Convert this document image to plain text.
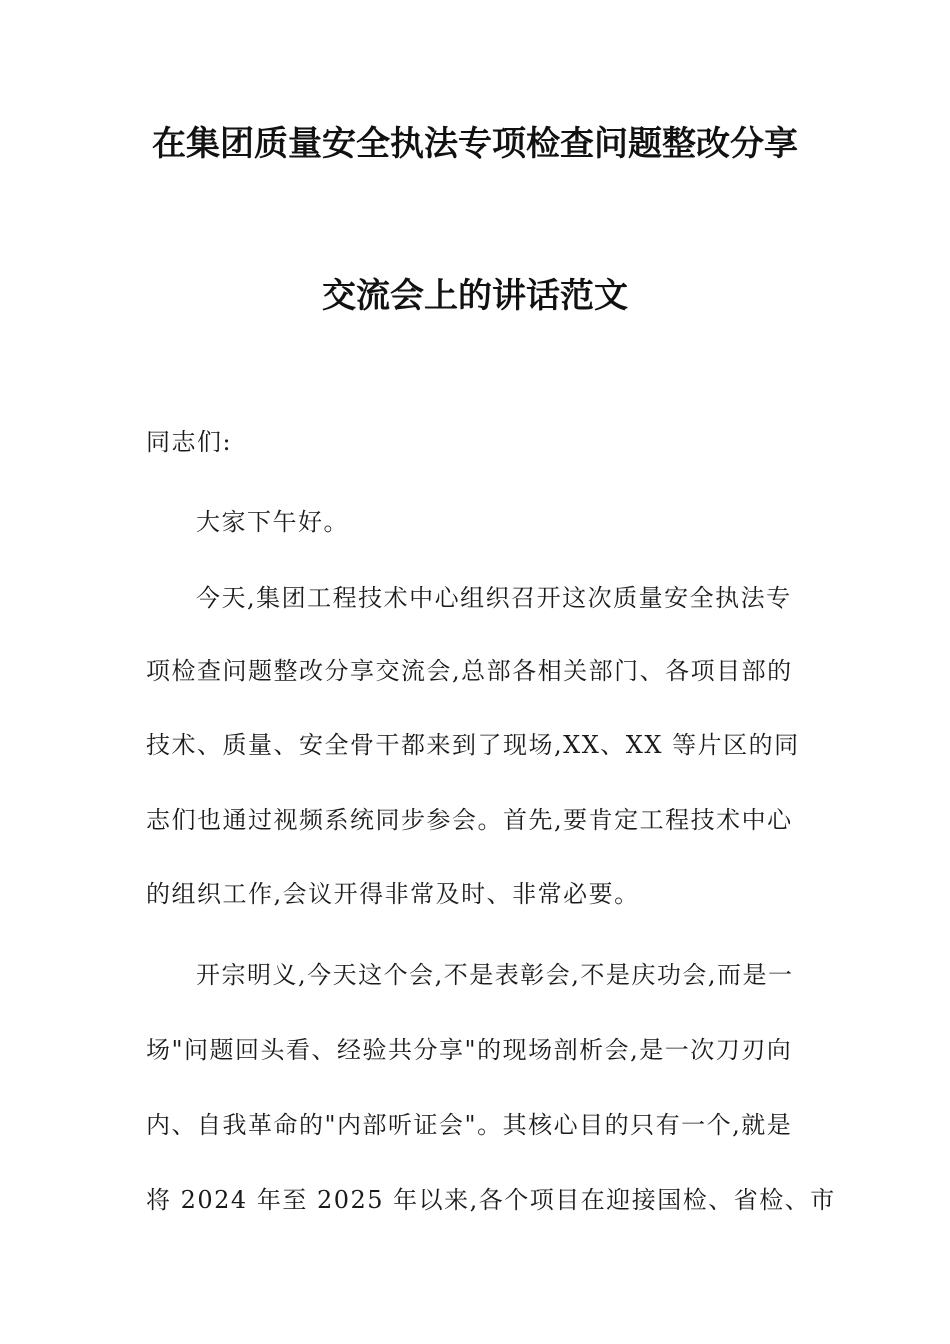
在集团质量安全执法专项检查问题整改分享
交流会上的讲话范文
同志们:
大家下午好。
今天,集团工程技术中心组织召开这次质量安全执法专
项检查问题整改分享交流会,总部各相关部门、各项目部的
技术、质量、安全骨干都来到了现场,XX、XX 等片区的同
志们也通过视频系统同步参会。首先,要肯定工程技术中心
的组织工作,会议开得非常及时、非常必要。
开宗明义,今天这个会,不是表彰会,不是庆功会,而是一
场"问题回头看、经验共分享"的现场剖析会,是一次刀刃向
内、自我革命的"内部听证会"。其核心目的只有一个,就是
将 2024 年至 2025 年以来,各个项目在迎接国检、省检、市
